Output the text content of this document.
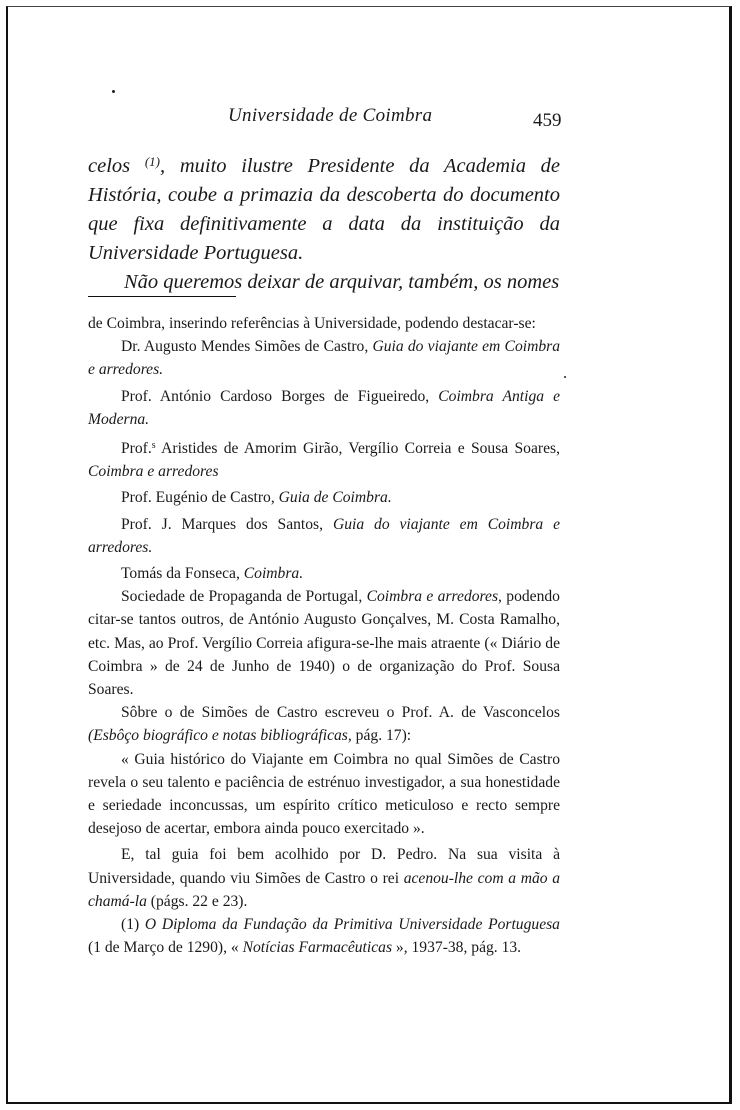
Universidade de Coimbra	459

celos $^{(1)}$, muito ilustre Presidente da Academia de História, coube a primazia da descoberta do documento que fixa definitivamente a data da instituição da Universidade Portuguesa.

Não queremos deixar de arquivar, também, os nomes

de Coimbra, inserindo referências à Universidade, podendo destacar-se:

Dr. Augusto Mendes Simões de Castro, Guia do viajante em Coimbra e arredores.

Prof. António Cardoso Borges de Figueiredo, Coimbra Antiga e Moderna.

Prof.$^s$ Aristides de Amorim Girão, Vergílio Correia e Sousa Soares, Coimbra e arredores

Prof. Eugénio de Castro, Guia de Coimbra.

Prof. J. Marques dos Santos, Guia do viajante em Coimbra e arredores.

Tomás da Fonseca, Coimbra.

Sociedade de Propaganda de Portugal, Coimbra e arredores, podendo citar-se tantos outros, de António Augusto Gonçalves, M. Costa Ramalho, etc. Mas, ao Prof. Vergílio Correia afigura-se-lhe mais atraente (« Diário de Coimbra » de 24 de Junho de 1940) o de organização do Prof. Sousa Soares.

Sôbre o de Simões de Castro escreveu o Prof. A. de Vasconcelos (Esbôço biográfico e notas bibliográficas, pág. 17):

« Guia histórico do Viajante em Coimbra no qual Simões de Castro revela o seu talento e paciência de estrénuo investigador, a sua honestidade e seriedade inconcussas, um espírito crítico meticuloso e recto sempre desejoso de acertar, embora ainda pouco exercitado ».

E, tal guia foi bem acolhido por D. Pedro. Na sua visita à Universidade, quando viu Simões de Castro o rei acenou-lhe com a mão a chamá-la (págs. 22 e 23).

(1) O Diploma da Fundação da Primitiva Universidade Portuguesa (1 de Março de 1290), « Notícias Farmacêuticas », 1937-38, pág. 13.
